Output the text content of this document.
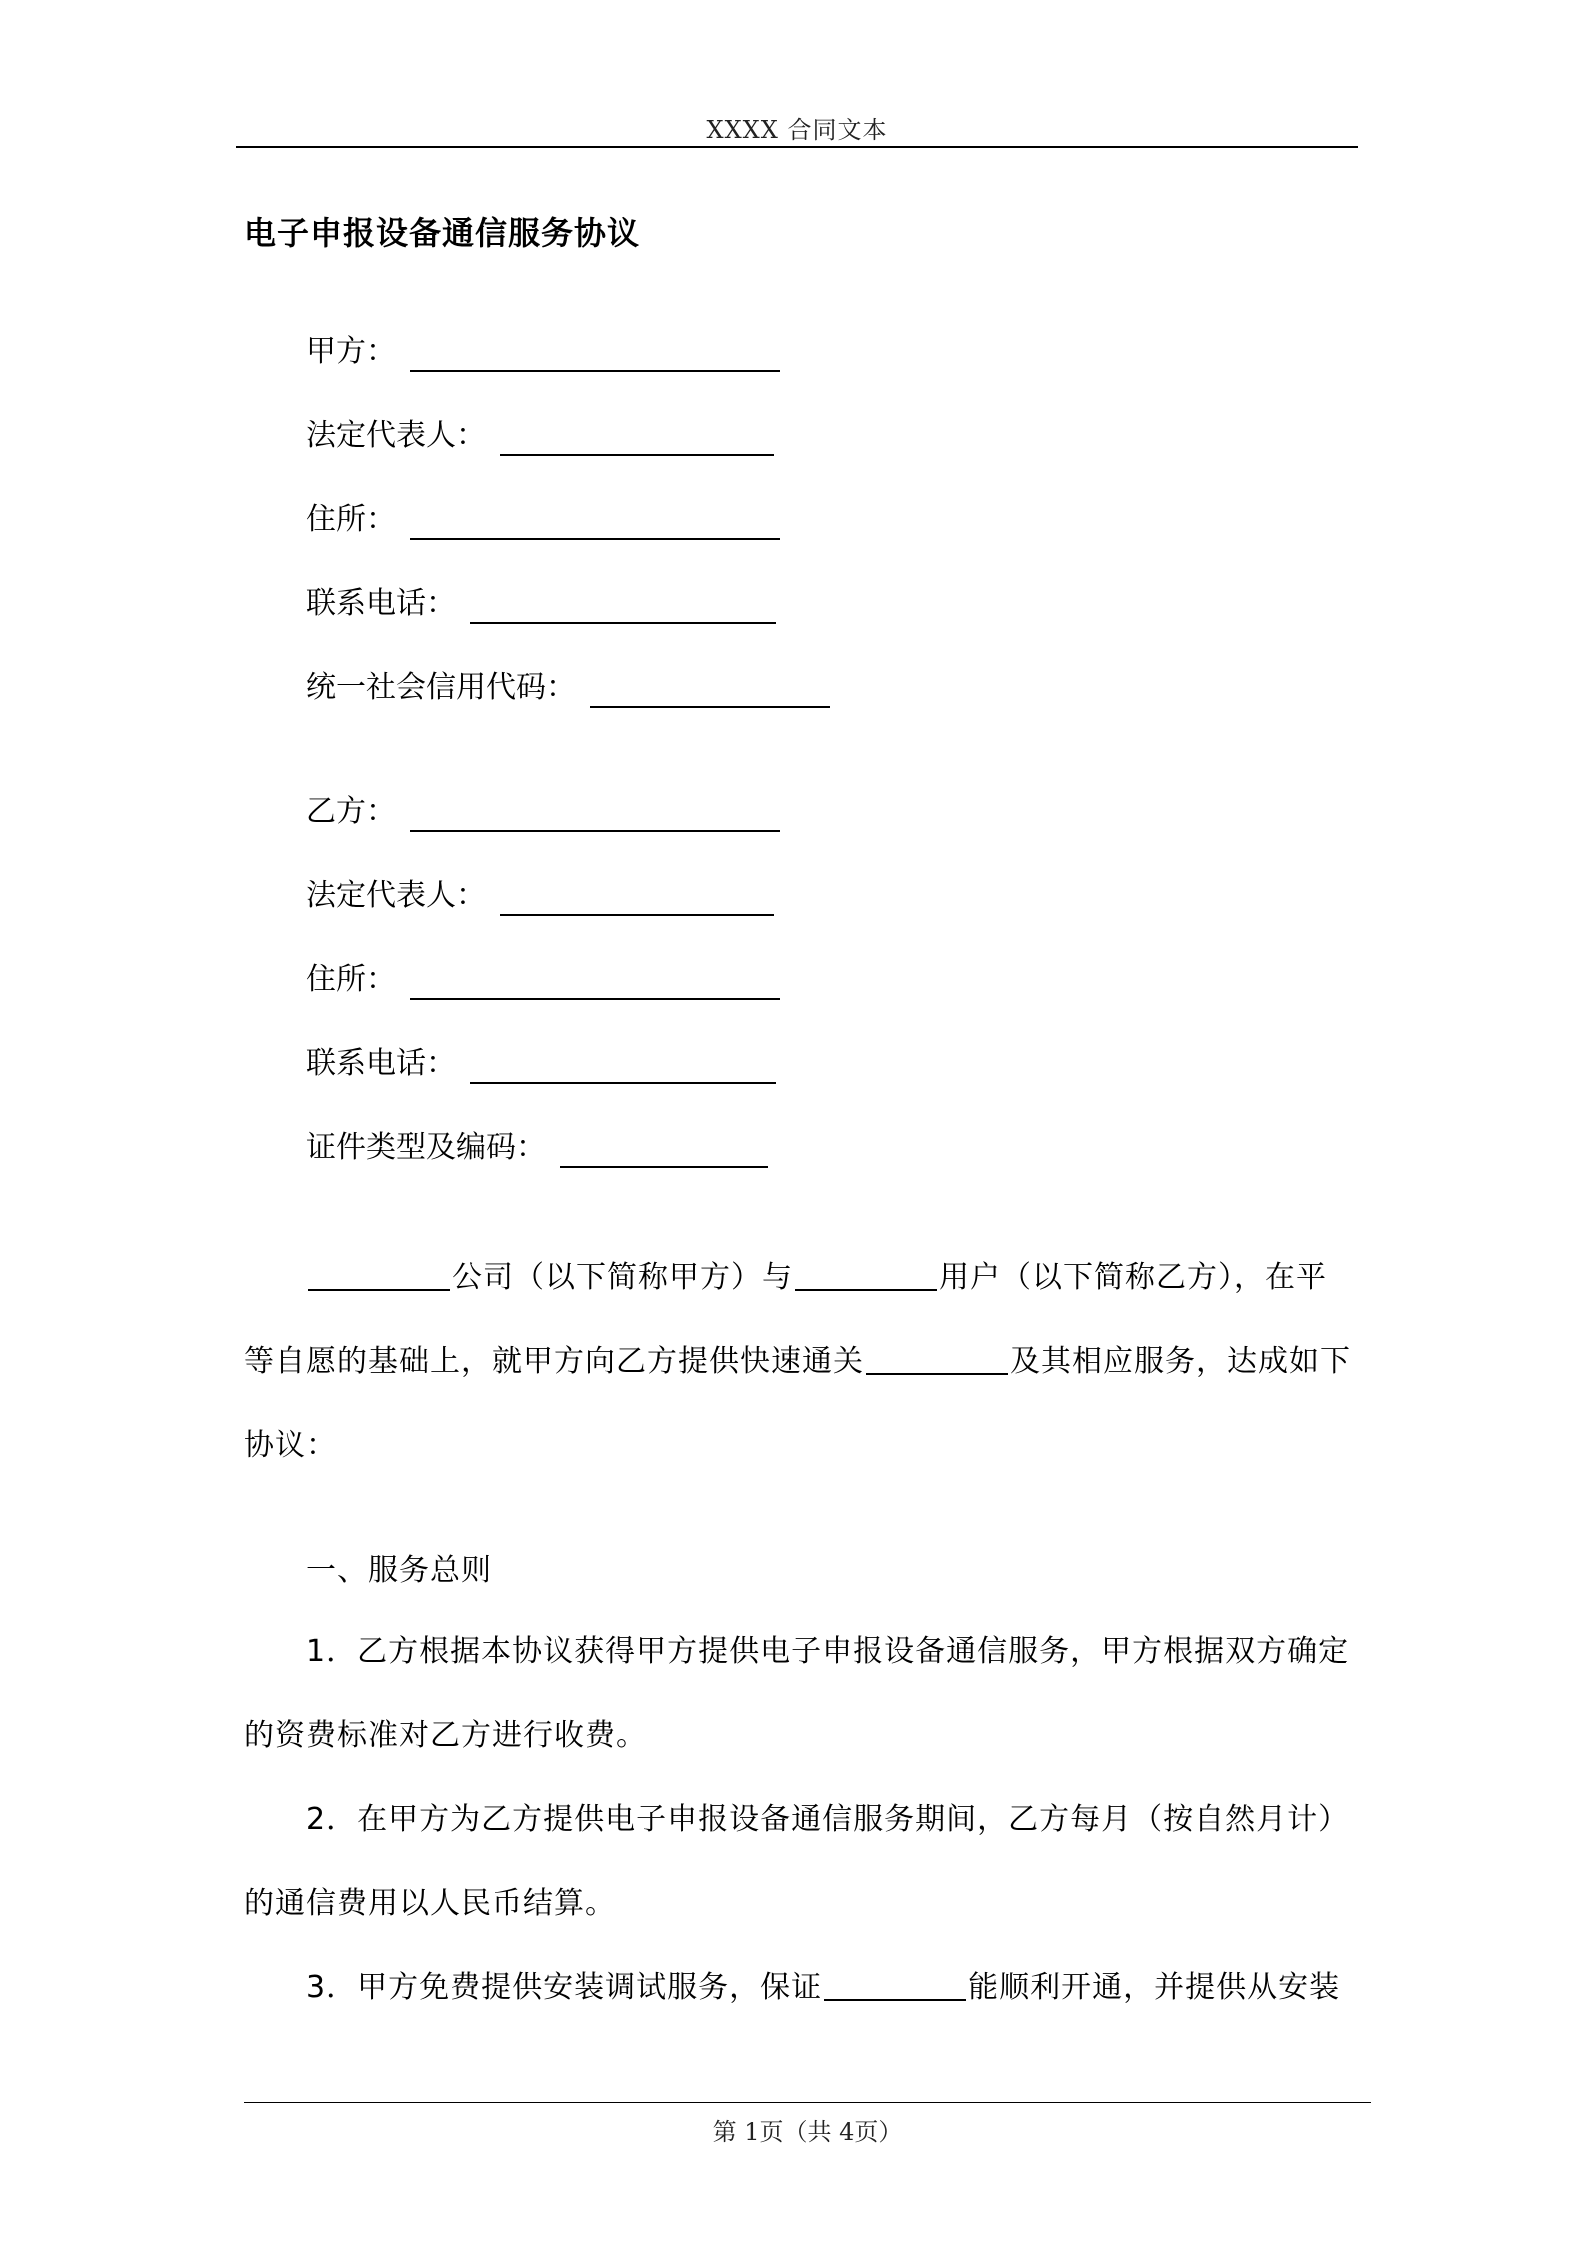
XXXX 合同文本
电子申报设备通信服务协议
甲方：
法定代表人：
住所：
联系电话：
统一社会信用代码：
乙方：
法定代表人：
住所：
联系电话：
证件类型及编码：
公司（以下简称甲方）与	用户（以下简称乙方），在平等自愿的基础上，就甲方向乙方提供快速通关	及其相应服务，达成如下协议：
一、服务总则
1．乙方根据本协议获得甲方提供电子申报设备通信服务，甲方根据双方确定的资费标准对乙方进行收费。
2．在甲方为乙方提供电子申报设备通信服务期间，乙方每月（按自然月计）的通信费用以人民币结算。
3．甲方免费提供安装调试服务，保证	能顺利开通，并提供从安装
第 1页（共 4页）
